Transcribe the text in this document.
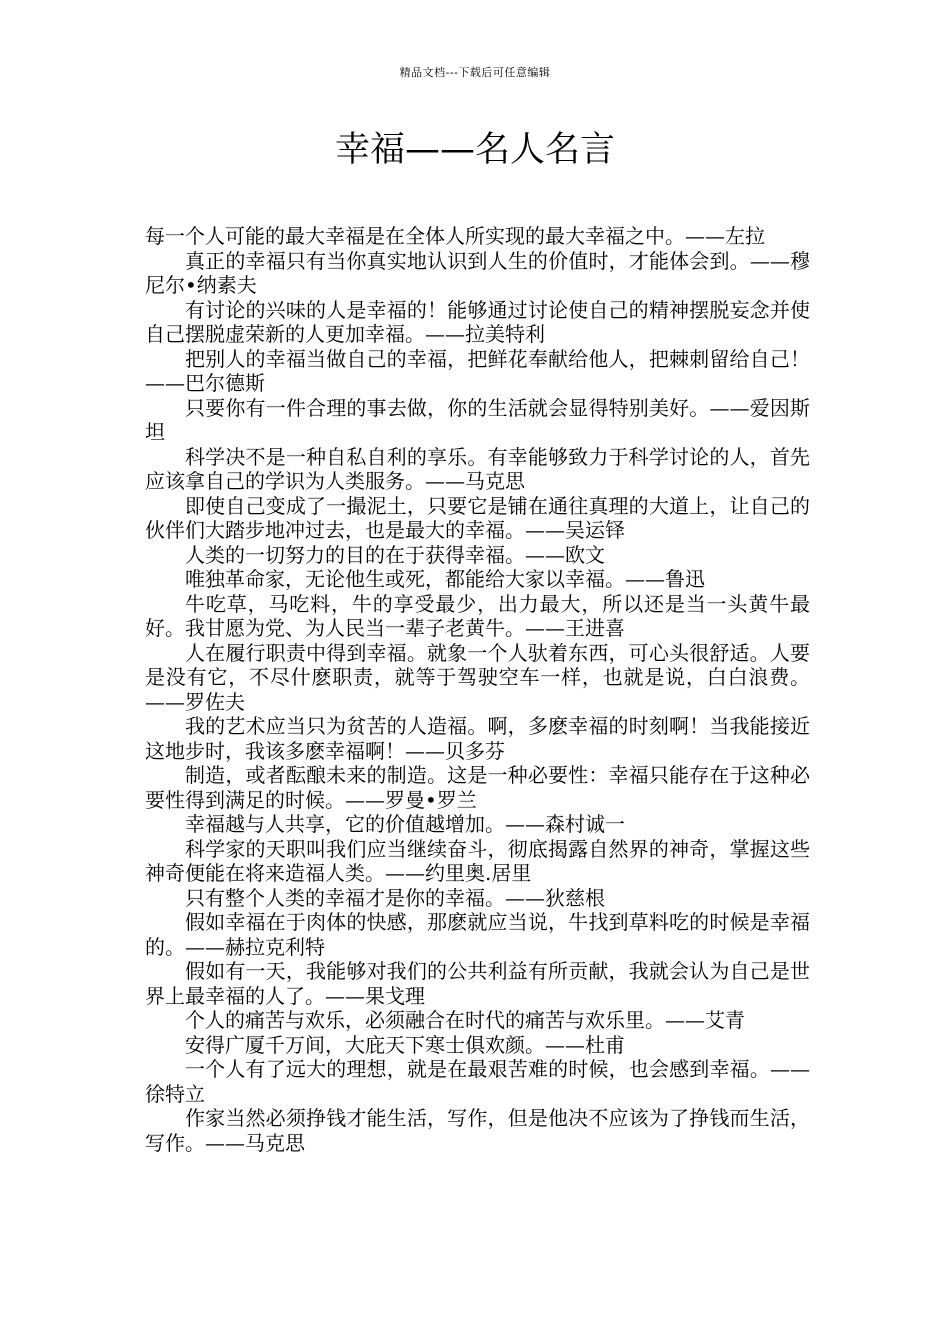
精品文档---下载后可任意编辑
幸福——名人名言

每一个人可能的最大幸福是在全体人所实现的最大幸福之中。——左拉

真正的幸福只有当你真实地认识到人生的价值时，才能体会到。——穆尼尔•纳素夫

有讨论的兴味的人是幸福的！能够通过讨论使自己的精神摆脱妄念并使自己摆脱虚荣新的人更加幸福。——拉美特利

把别人的幸福当做自己的幸福，把鲜花奉献给他人，把棘刺留给自己！——巴尔德斯

只要你有一件合理的事去做，你的生活就会显得特别美好。——爱因斯坦

科学决不是一种自私自利的享乐。有幸能够致力于科学讨论的人，首先应该拿自己的学识为人类服务。——马克思

即使自己变成了一撮泥土，只要它是铺在通往真理的大道上，让自己的伙伴们大踏步地冲过去，也是最大的幸福。——吴运铎

人类的一切努力的目的在于获得幸福。——欧文

唯独革命家，无论他生或死，都能给大家以幸福。——鲁迅

牛吃草，马吃料，牛的享受最少，出力最大，所以还是当一头黄牛最好。我甘愿为党、为人民当一辈子老黄牛。——王进喜

人在履行职责中得到幸福。就象一个人驮着东西，可心头很舒适。人要是没有它，不尽什麽职责，就等于驾驶空车一样，也就是说，白白浪费。——罗佐夫

我的艺术应当只为贫苦的人造福。啊，多麽幸福的时刻啊！当我能接近这地步时，我该多麽幸福啊！——贝多芬

制造，或者酝酿未来的制造。这是一种必要性：幸福只能存在于这种必要性得到满足的时候。——罗曼•罗兰

幸福越与人共享，它的价值越增加。——森村诚一

科学家的天职叫我们应当继续奋斗，彻底揭露自然界的神奇，掌握这些神奇便能在将来造福人类。——约里奥.居里

只有整个人类的幸福才是你的幸福。——狄慈根

假如幸福在于肉体的快感，那麽就应当说，牛找到草料吃的时候是幸福的。——赫拉克利特

假如有一天，我能够对我们的公共利益有所贡献，我就会认为自己是世界上最幸福的人了。——果戈理

个人的痛苦与欢乐，必须融合在时代的痛苦与欢乐里。——艾青

安得广厦千万间，大庇天下寒士俱欢颜。——杜甫

一个人有了远大的理想，就是在最艰苦难的时候，也会感到幸福。——徐特立

作家当然必须挣钱才能生活，写作，但是他决不应该为了挣钱而生活，写作。——马克思
